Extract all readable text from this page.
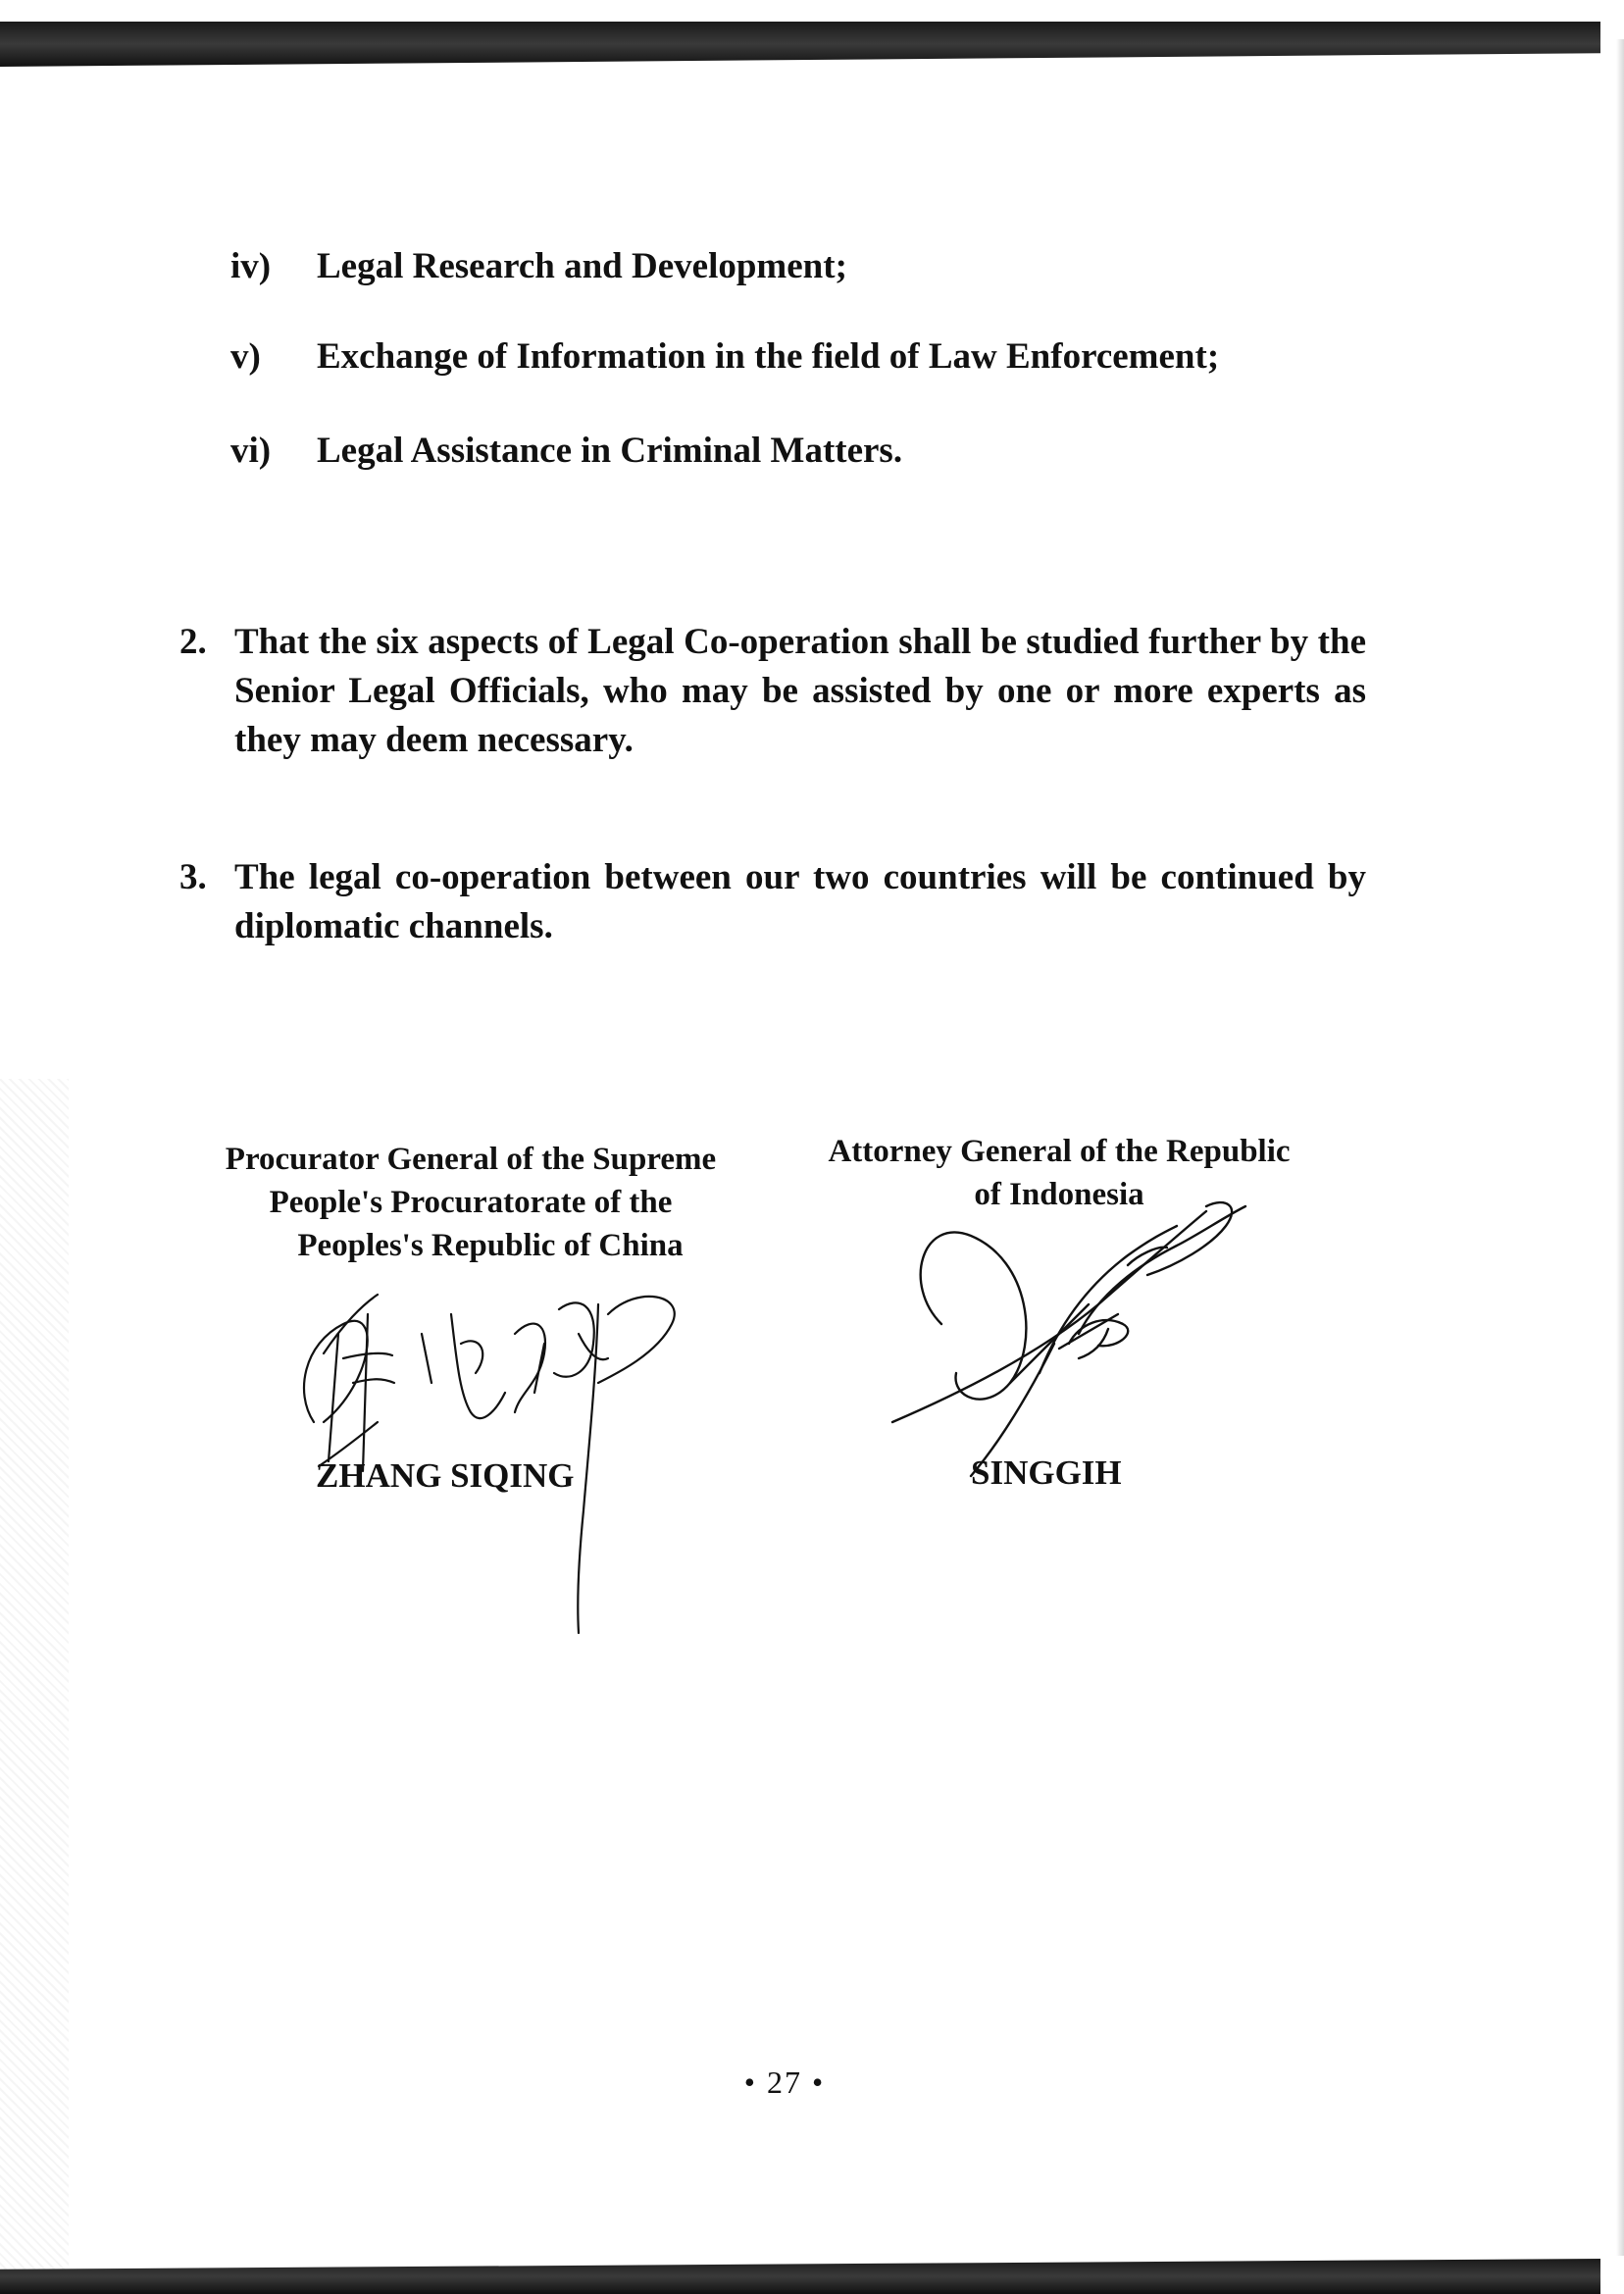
iv) Legal Research and Development;
v) Exchange of Information in the field of Law Enforcement;
vi) Legal Assistance in Criminal Matters.
2. That the six aspects of Legal Co-operation shall be studied further by the Senior Legal Officials, who may be assisted by one or more experts as they may deem necessary.
3. The legal co-operation between our two countries will be continued by diplomatic channels.
Procurator General of the Supreme
People's Procuratorate of the
Peoples's Republic of China
ZHANG SIQING
Attorney General of the Republic
of Indonesia
SINGGIH
• 27 •
